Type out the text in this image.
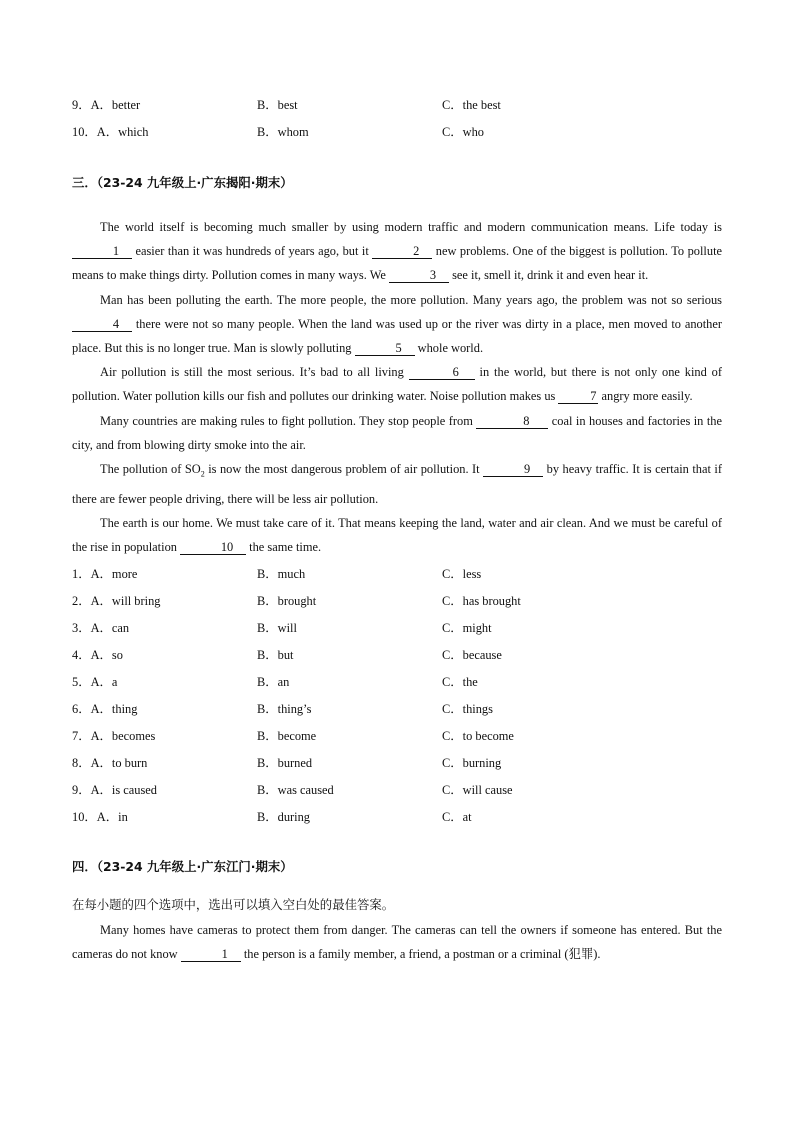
9．A．better	B．best	C．the best
10．A．which	B．whom	C．who

三．（23-24 九年级上·广东揭阳·期末）

The world itself is becoming much smaller by using modern traffic and modern communication means. Life today is 1 easier than it was hundreds of years ago, but it	2 new problems. One of the biggest is pollution. To pollute means to make things dirty. Pollution comes in many ways. We	3 see it, smell it, drink it and even hear it.

Man has been polluting the earth. The more people, the more pollution. Many years ago, the problem was not so serious 4 there were not so many people. When the land was used up or the river was dirty in a place, men moved to another place. But this is no longer true. Man is slowly polluting	5 whole world.

Air pollution is still the most serious. It’s bad to all living	6 in the world, but there is not only one kind of pollution. Water pollution kills our fish and pollutes our drinking water. Noise pollution makes us	7 angry more easily.

Many countries are making rules to fight pollution. They stop people from	8 coal in houses and factories in the city, and from blowing dirty smoke into the air.

The pollution of $SO_2$ is now the most dangerous problem of air pollution. It	9 by heavy traffic. It is certain that if there are fewer people driving, there will be less air pollution.

The earth is our home. We must take care of it. That means keeping the land, water and air clean. And we must be careful of the rise in population	10 the same time.

1．A．more	B．much	C．less
2．A．will bring	B．brought	C．has brought
3．A．can	B．will	C．might
4．A．so	B．but	C．because
5．A．a	B．an	C．the
6．A．thing	B．thing’s	C．things
7．A．becomes	B．become	C．to become
8．A．to burn	B．burned	C．burning
9．A．is caused	B．was caused	C．will cause
10．A．in	B．during	C．at

四．（23-24 九年级上·广东江门·期末）

在每小题的四个选项中，选出可以填入空白处的最佳答案。

Many homes have cameras to protect them from danger. The cameras can tell the owners if someone has entered. But the cameras do not know	1 the person is a family member, a friend, a postman or a criminal (犯罪).
